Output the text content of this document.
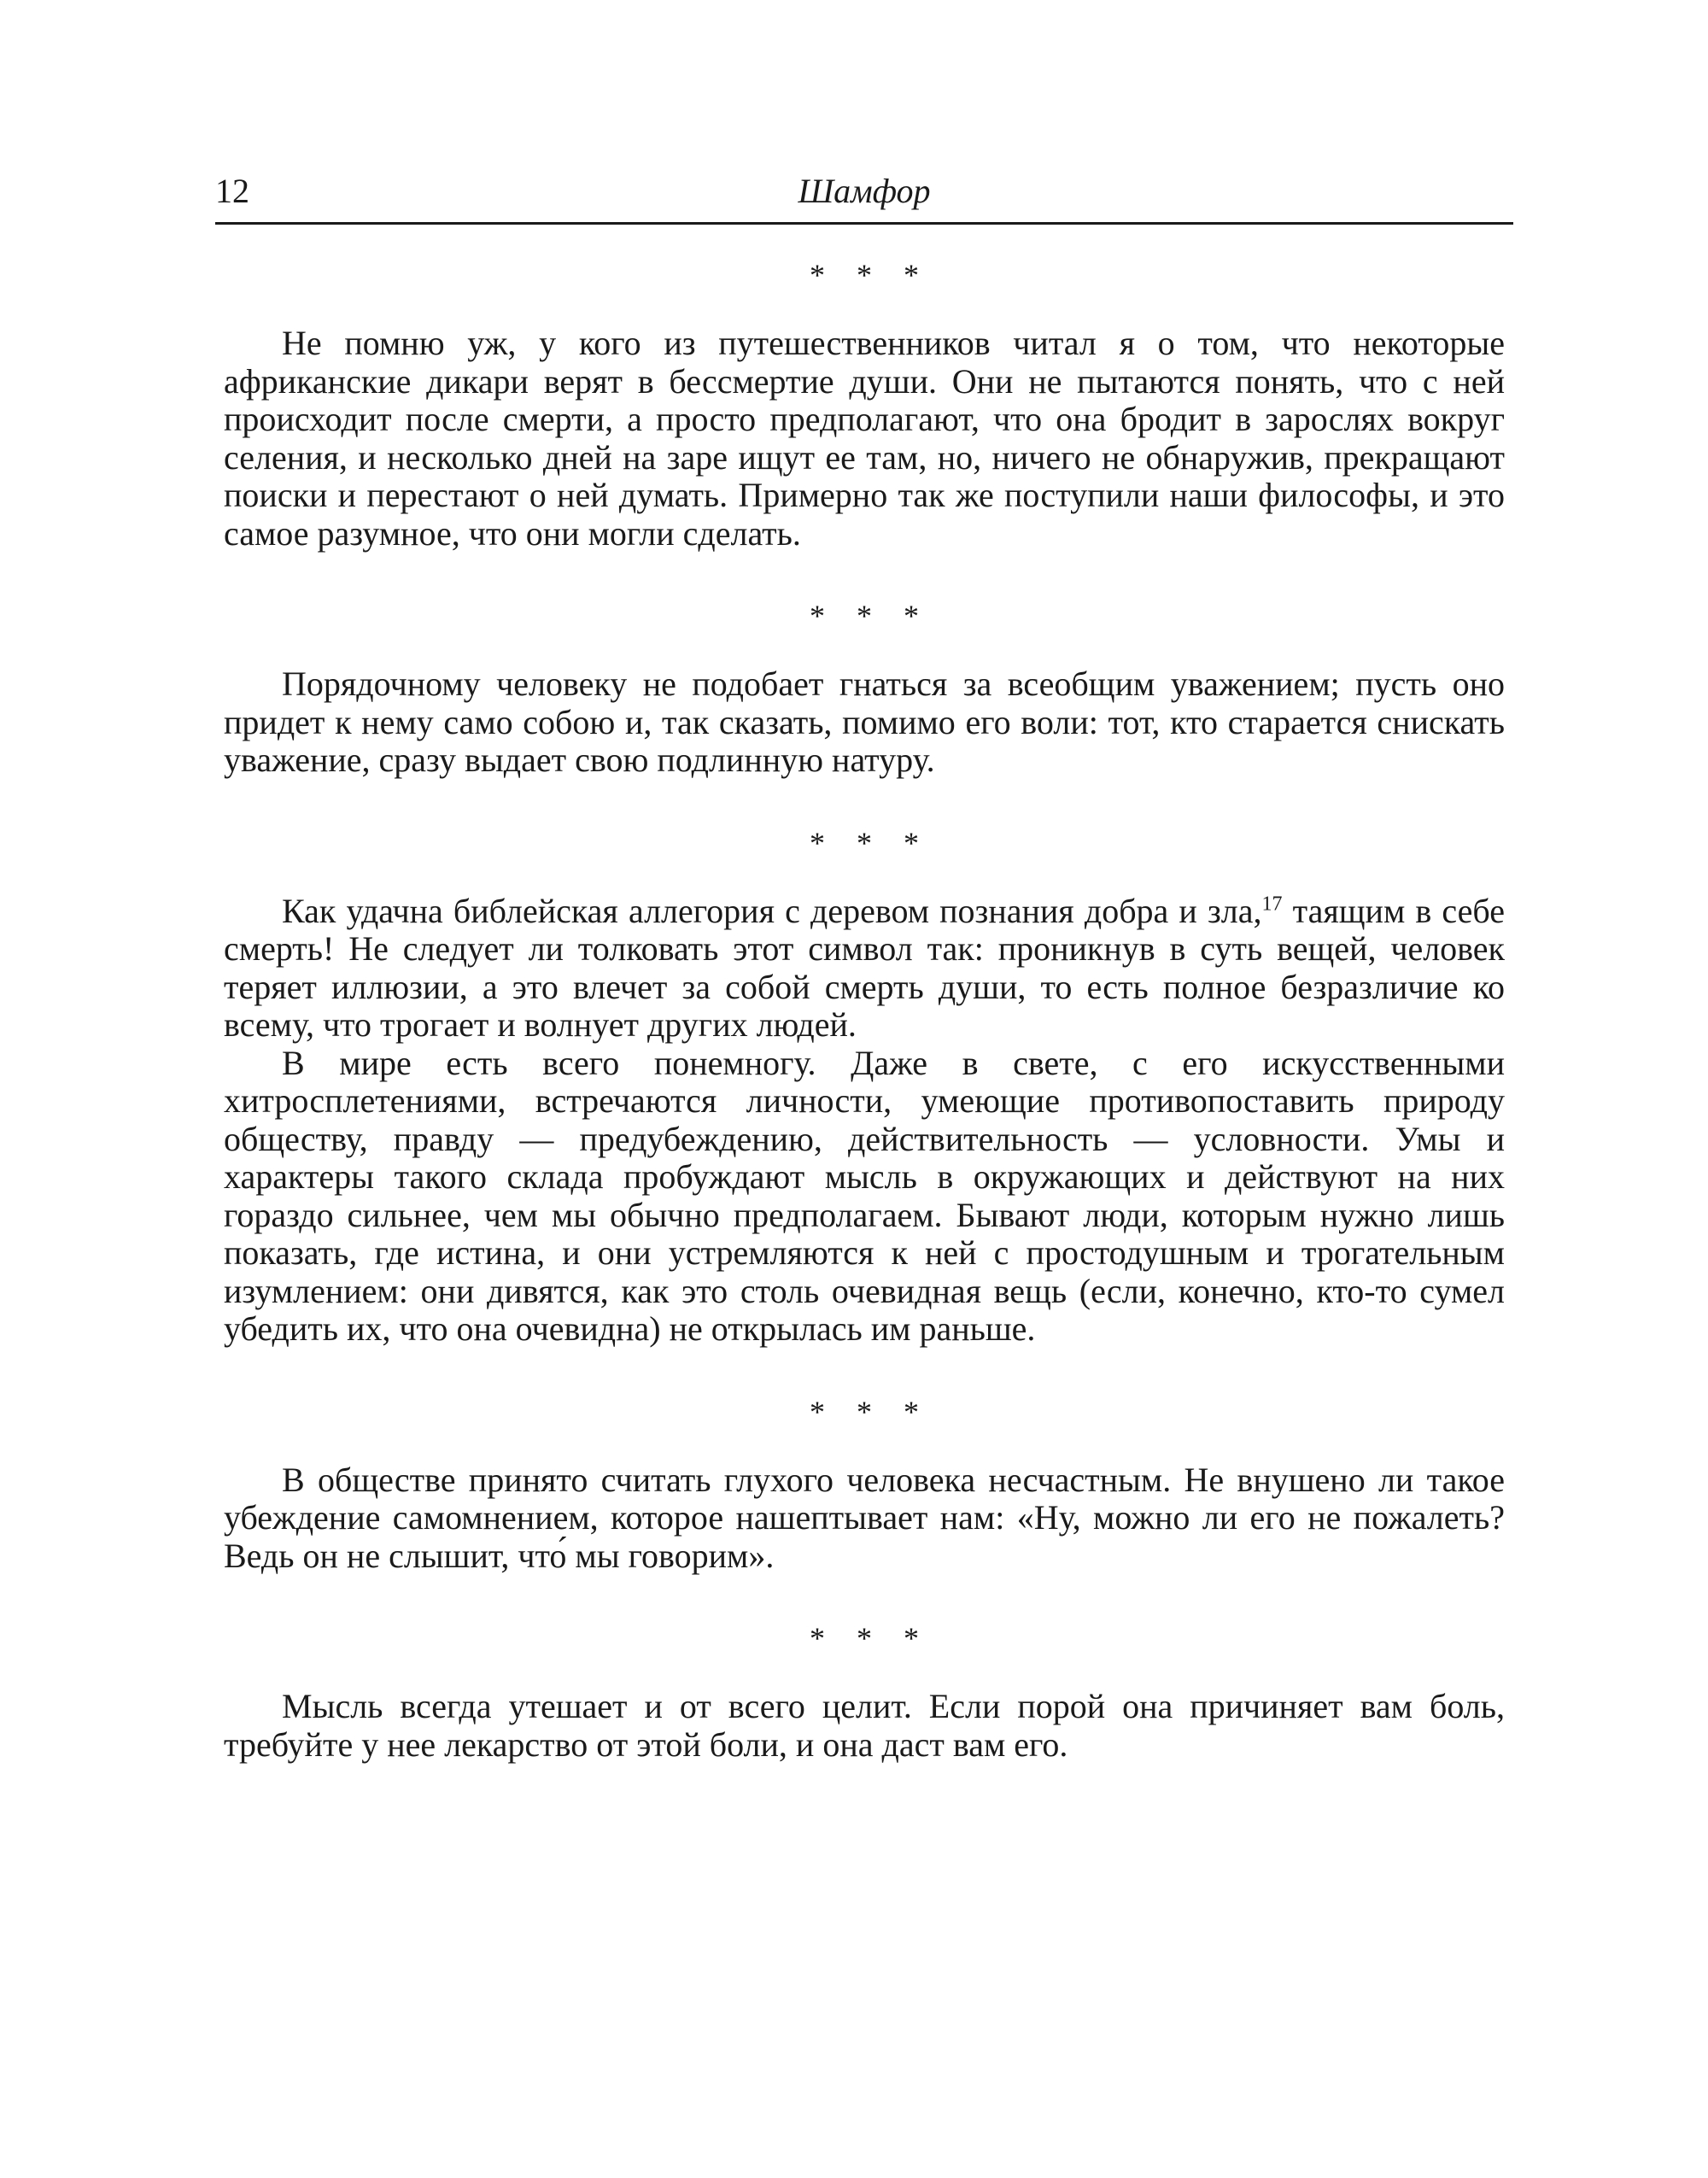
12	Шамфор
* * *

Не помню уж, у кого из путешественников читал я о том, что некоторые африканские дикари верят в бессмертие души. Они не пытаются понять, что с ней происходит после смерти, а просто предполагают, что она бродит в зарослях вокруг селения, и несколько дней на заре ищут ее там, но, ничего не обнаружив, прекращают поиски и перестают о ней думать. Примерно так же поступили наши философы, и это самое разумное, что они могли сделать.

* * *

Порядочному человеку не подобает гнаться за всеобщим уважением; пусть оно придет к нему само собою и, так сказать, помимо его воли: тот, кто старается снискать уважение, сразу выдает свою подлинную натуру.

* * *

Как удачна библейская аллегория с деревом познания добра и зла,$^{17}$ таящим в себе смерть! Не следует ли толковать этот символ так: проникнув в суть вещей, человек теряет иллюзии, а это влечет за собой смерть души, то есть полное безразличие ко всему, что трогает и волнует других людей.

В мире есть всего понемногу. Даже в свете, с его искусственными хитросплетениями, встречаются личности, умеющие противопоставить природу обществу, правду — предубеждению, действительность — условности. Умы и характеры такого склада пробуждают мысль в окружающих и действуют на них гораздо сильнее, чем мы обычно предполагаем. Бывают люди, которым нужно лишь показать, где истина, и они устремляются к ней с простодушным и трогательным изумлением: они дивятся, как это столь очевидная вещь (если, конечно, кто-то сумел убедить их, что она очевидна) не открылась им раньше.

* * *

В обществе принято считать глухого человека несчастным. Не внушено ли такое убеждение самомнением, которое нашептывает нам: «Ну, можно ли его не пожалеть? Ведь он не слышит, что́ мы говорим».

* * *

Мысль всегда утешает и от всего целит. Если порой она причиняет вам боль, требуйте у нее лекарство от этой боли, и она даст вам его.
